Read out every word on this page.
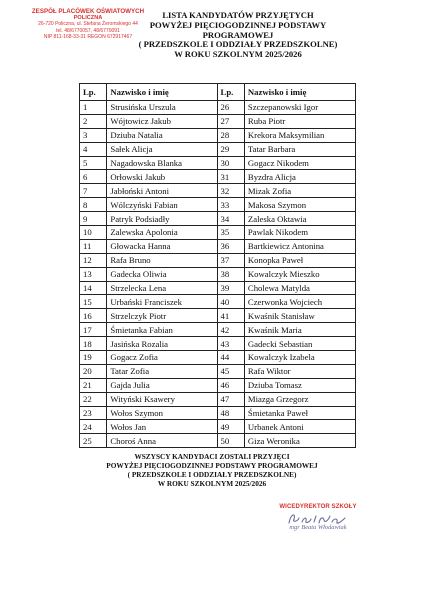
ZESPÓŁ PLACÓWEK OŚWIATOWYCH
POLICZNA
26-720 Policzna, ul. Stefana Żeromskiego 44
tel. 48/6770057, 48/6770091
NIP 811-168-33-31 REGON 672917467
LISTA KANDYDATÓW PRZYJĘTYCH
POWYŻEJ PIĘCIOGODZINNEJ PODSTAWY PROGRAMOWEJ
( PRZEDSZKOLE I ODDZIAŁY PRZEDSZKOLNE)
W ROKU SZKOLNYM 2025/2026
Lp.	Nazwisko i imię	Lp.	Nazwisko i imię
1	Strusińska Urszula	26	Szczepanowski Igor
2	Wójtowicz Jakub	27	Ruba Piotr
3	Dziuba Natalia	28	Krekora Maksymilian
4	Sałek Alicja	29	Tatar Barbara
5	Nagadowska Blanka	30	Gogacz Nikodem
6	Orłowski Jakub	31	Byzdra Alicja
7	Jabłoński Antoni	32	Mizak Zofia
8	Wólczyński Fabian	33	Makosa Szymon
9	Patryk Podsiadły	34	Zaleska Oktawia
10	Zalewska Apolonia	35	Pawlak Nikodem
11	Głowacka Hanna	36	Bartkiewicz Antonina
12	Rafa Bruno	37	Konopka Paweł
13	Gadecka Oliwia	38	Kowalczyk Mieszko
14	Strzelecka Lena	39	Cholewa Matylda
15	Urbański Franciszek	40	Czerwonka Wojciech
16	Strzelczyk Piotr	41	Kwaśnik Stanisław
17	Śmietanka Fabian	42	Kwaśnik Maria
18	Jasińska Rozalia	43	Gadecki Sebastian
19	Gogacz Zofia	44	Kowalczyk Izabela
20	Tatar Zofia	45	Rafa Wiktor
21	Gajda Julia	46	Dziuba Tomasz
22	Wityński Ksawery	47	Miazga Grzegorz
23	Wołos Szymon	48	Śmietanka Paweł
24	Wołos Jan	49	Urbanek Antoni
25	Choroś Anna	50	Giza Weronika
WSZYSCY KANDYDACI ZOSTALI PRZYJĘCI
POWYŻEJ PIĘCIOGODZINNEJ PODSTAWY PROGRAMOWEJ
( PRZEDSZKOLE I ODDZIAŁY PRZEDSZKOLNE)
W ROKU SZKOLNYM 2025/2026
WICEDYREKTOR SZKOŁY
mgr Beata Włodawiak
